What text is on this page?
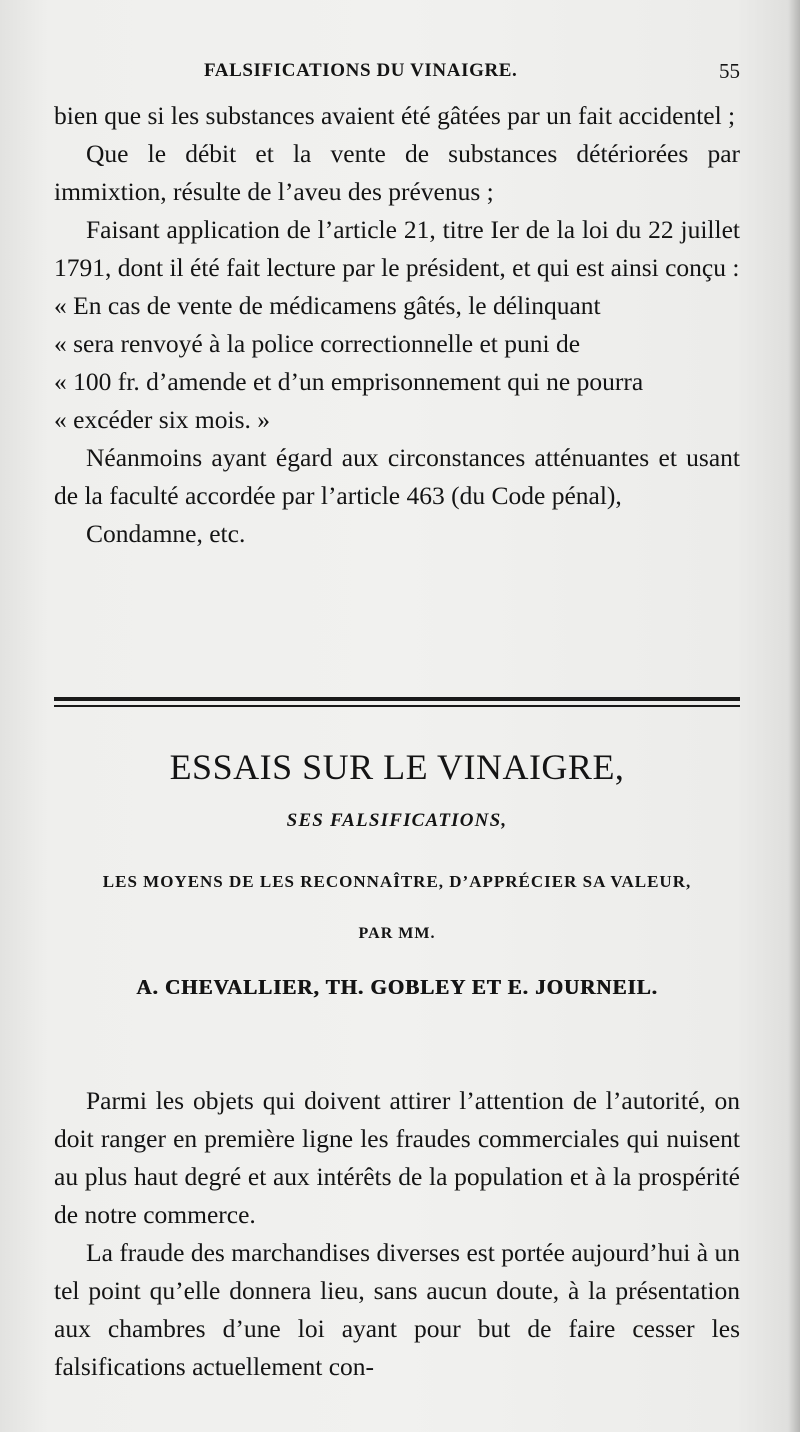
FALSIFICATIONS DU VINAIGRE.	55

bien que si les substances avaient été gâtées par un fait accidentel ;

Que le débit et la vente de substances détériorées par immixtion, résulte de l’aveu des prévenus ;

Faisant application de l’article 21, titre Ier de la loi du 22 juillet 1791, dont il été fait lecture par le président, et qui est ainsi conçu :

« En cas de vente de médicamens gâtés, le délinquant

« sera renvoyé à la police correctionnelle et puni de

« 100 fr. d’amende et d’un emprisonnement qui ne pourra

« excéder six mois. »

Néanmoins ayant égard aux circonstances atténuantes et usant de la faculté accordée par l’article 463 (du Code pénal),

Condamne, etc.

ESSAIS SUR LE VINAIGRE,
SES FALSIFICATIONS,
LES MOYENS DE LES RECONNAÎTRE, D’APPRÉCIER SA VALEUR,
PAR MM.
A. CHEVALLIER, TH. GOBLEY ET E. JOURNEIL.

Parmi les objets qui doivent attirer l’attention de l’autorité, on doit ranger en première ligne les fraudes commerciales qui nuisent au plus haut degré et aux intérêts de la population et à la prospérité de notre commerce.

La fraude des marchandises diverses est portée aujourd’hui à un tel point qu’elle donnera lieu, sans aucun doute, à la présentation aux chambres d’une loi ayant pour but de faire cesser les falsifications actuellement con-
